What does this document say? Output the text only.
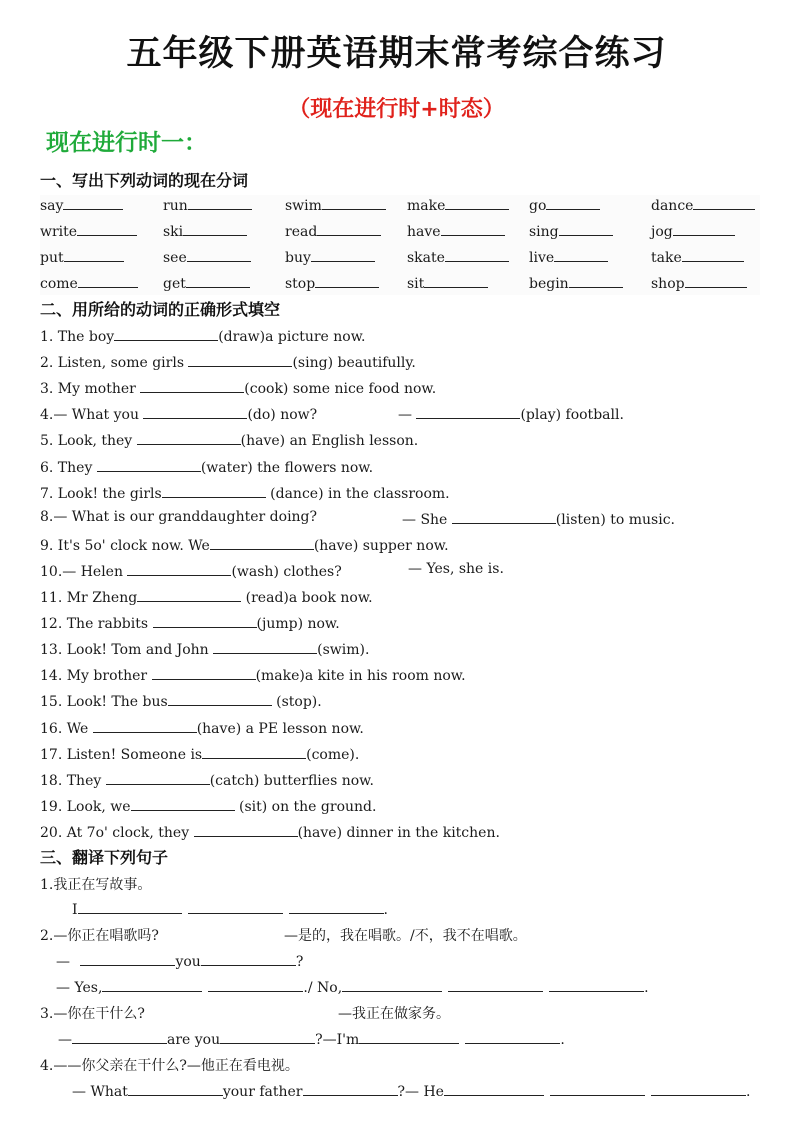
五年级下册英语期末常考综合练习
（现在进行时+时态）
现在进行时一：
一、写出下列动词的现在分词
say	run	swim	make	go	dance
write	ski	read	have	sing	jog
put	see	buy	skate	live	take
come	get	stop	sit	begin	shop
二、用所给的动词的正确形式填空
1. The boy	(draw)a picture now.
2. Listen, some girls	(sing) beautifully.
3. My mother	(cook) some nice food now.
4.— What you	(do) now?	—	(play) football.
5. Look, they	(have) an English lesson.
6. They	(water) the flowers now.
7. Look! the girls	(dance) in the classroom.
8.— What is our granddaughter doing?	— She	(listen) to music.
9. It's 5o' clock now. We	(have) supper now.
10.— Helen	(wash) clothes?	— Yes, she is.
11. Mr Zheng	(read)a book now.
12. The rabbits	(jump) now.
13. Look! Tom and John	(swim).
14. My brother	(make)a kite in his room now.
15. Look! The bus	(stop).
16. We	(have) a PE lesson now.
17. Listen! Someone is	(come).
18. They	(catch) butterflies now.
19. Look, we	(sit) on the ground.
20. At 7o' clock, they	(have) dinner in the kitchen.
三、翻译下列句子
1.我正在写故事。
I	.
2.—你正在唱歌吗?	—是的，我在唱歌。/不，我不在唱歌。
—	you	?
— Yes,	./ No,	.
3.—你在干什么?	—我正在做家务。
—	are you	?—I'm	.
4.——你父亲在干什么?—他正在看电视。
— What	your father	?— He	.
